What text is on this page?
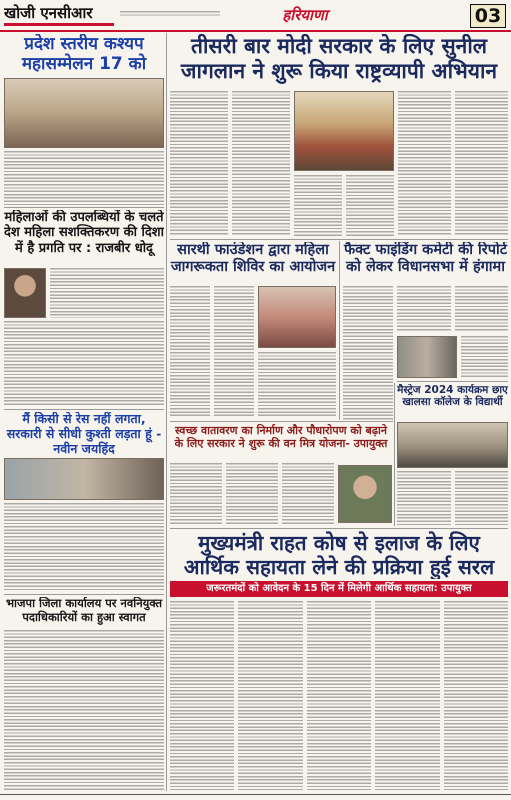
खोजी एनसीआर	हरियाणा	03
प्रदेश स्तरीय कश्यप महासम्मेलन 17 को
महिलाओं की उपलब्धियों के चलते देश महिला सशक्तिकरण की दिशा में है प्रगति पर : राजबीर धोदू
मैं किसी से रेस नहीं लगता, सरकारी से सीधी कुश्ती लड़ता हूं - नवीन जयहिंद
भाजपा जिला कार्यालय पर नवनियुक्त पदाधिकारियों का हुआ स्वागत
तीसरी बार मोदी सरकार के लिए सुनील जागलान ने शुरू किया राष्ट्रव्यापी अभियान
सारथी फाउंडेशन द्वारा महिला जागरूकता शिविर का आयोजन
फैक्ट फाइंडिंग कमेटी की रिपोर्ट को लेकर विधानसभा में हंगामा
मैस्ट्रेज 2024 कार्यक्रम छाए खालसा कॉलेज के विद्यार्थी
स्वच्छ वातावरण का निर्माण और पौधारोपण को बढ़ाने के लिए सरकार ने शुरू की वन मित्र योजना- उपायुक्त
मुख्यमंत्री राहत कोष से इलाज के लिए आर्थिक सहायता लेने की प्रक्रिया हुई सरल
जरूरतमंदों को आवेदन के 15 दिन में मिलेगी आर्थिक सहायता: उपायुक्त
